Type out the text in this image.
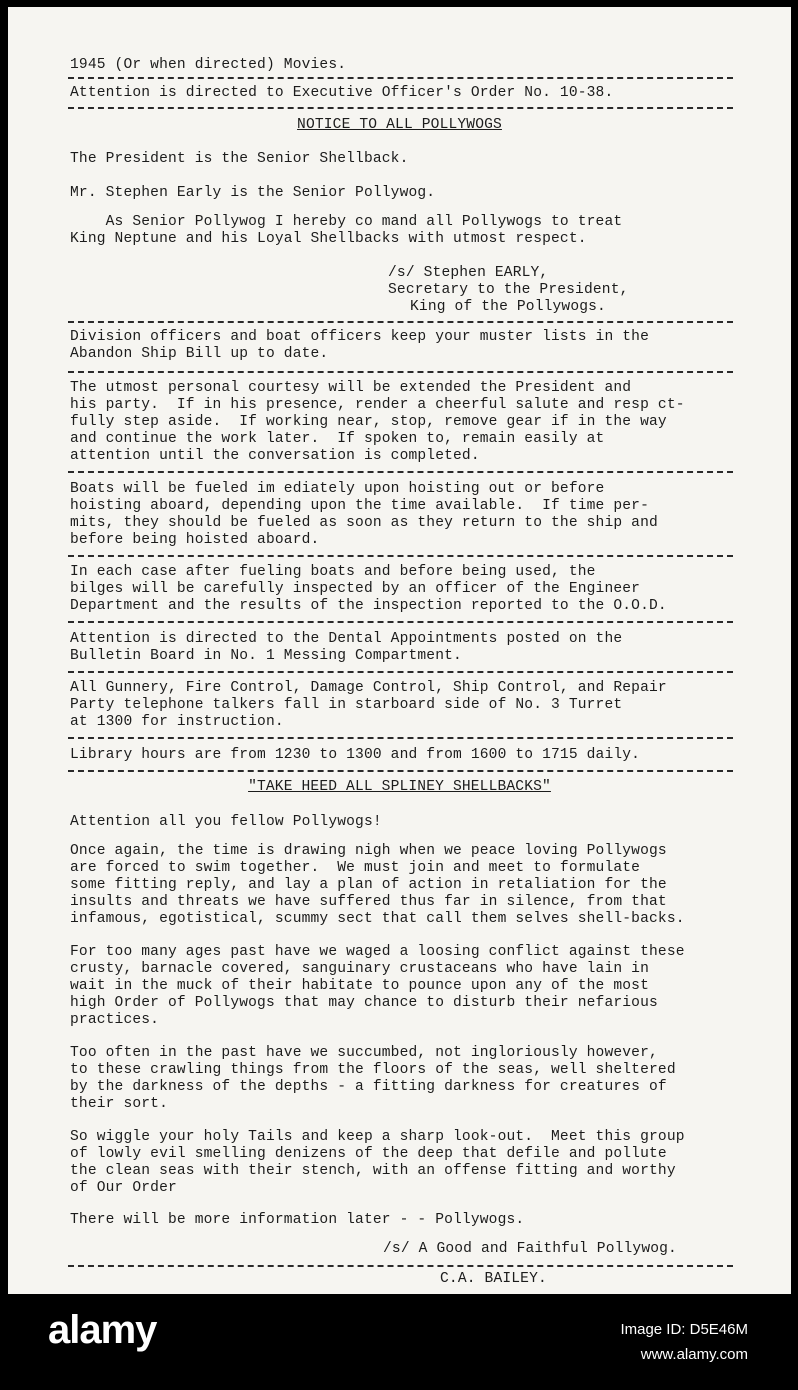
1945 (Or when directed) Movies.
Attention is directed to Executive Officer's Order No. 10-38.
NOTICE TO ALL POLLYWOGS
The President is the Senior Shellback.
Mr. Stephen Early is the Senior Pollywog.
As Senior Pollywog I hereby co mand all Pollywogs to treat
King Neptune and his Loyal Shellbacks with utmost respect.
/s/ Stephen EARLY,
Secretary to the President,
King of the Pollywogs.
Division officers and boat officers keep your muster lists in the
Abandon Ship Bill up to date.
The utmost personal courtesy will be extended the President and
his party.  If in his presence, render a cheerful salute and resp ct-
fully step aside.  If working near, stop, remove gear if in the way
and continue the work later.  If spoken to, remain easily at
attention until the conversation is completed.
Boats will be fueled im ediately upon hoisting out or before
hoisting aboard, depending upon the time available.  If time per-
mits, they should be fueled as soon as they return to the ship and
before being hoisted aboard.
In each case after fueling boats and before being used, the
bilges will be carefully inspected by an officer of the Engineer
Department and the results of the inspection reported to the O.O.D.
Attention is directed to the Dental Appointments posted on the
Bulletin Board in No. 1 Messing Compartment.
All Gunnery, Fire Control, Damage Control, Ship Control, and Repair
Party telephone talkers fall in starboard side of No. 3 Turret
at 1300 for instruction.
Library hours are from 1230 to 1300 and from 1600 to 1715 daily.
"TAKE HEED ALL SPLINEY SHELLBACKS"
Attention all you fellow Pollywogs!
Once again, the time is drawing nigh when we peace loving Pollywogs
are forced to swim together.  We must join and meet to formulate
some fitting reply, and lay a plan of action in retaliation for the
insults and threats we have suffered thus far in silence, from that
infamous, egotistical, scummy sect that call them selves shell-backs.
For too many ages past have we waged a loosing conflict against these
crusty, barnacle covered, sanguinary crustaceans who have lain in
wait in the muck of their habitate to pounce upon any of the most
high Order of Pollywogs that may chance to disturb their nefarious
practices.
Too often in the past have we succumbed, not ingloriously however,
to these crawling things from the floors of the seas, well sheltered
by the darkness of the depths - a fitting darkness for creatures of
their sort.
So wiggle your holy Tails and keep a sharp look-out.  Meet this group
of lowly evil smelling denizens of the deep that defile and pollute
the clean seas with their stench, with an offense fitting and worthy
of Our Order
There will be more information later - - Pollywogs.
/s/ A Good and Faithful Pollywog.
C.A. BAILEY.
alamy	Image ID: D5E46M
www.alamy.com
